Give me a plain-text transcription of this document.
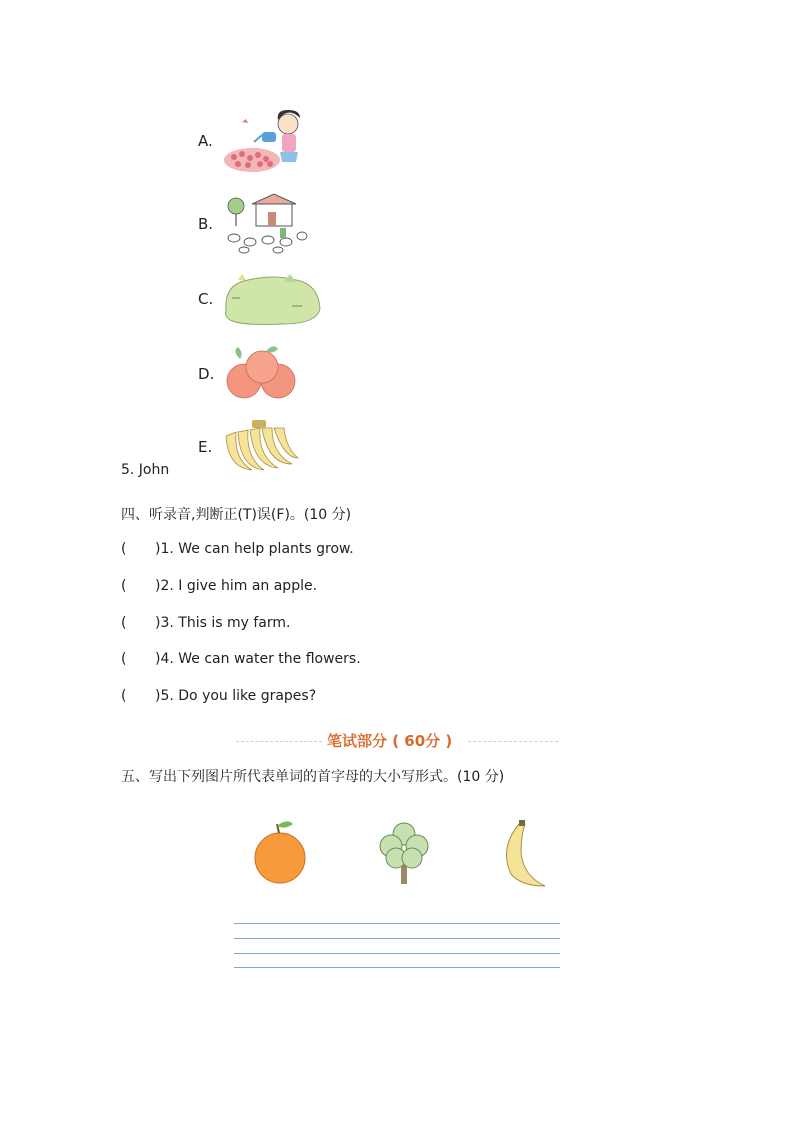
A.
B.
C.
D.
E.
5. John
四、听录音,判断正(T)误(F)。(10 分)
( )1. We can help plants grow.
( )2. I give him an apple.
( )3. This is my farm.
( )4. We can water the flowers.
( )5. Do you like grapes?
笔试部分 ( 60分 )
五、写出下列图片所代表单词的首字母的大小写形式。(10 分)
